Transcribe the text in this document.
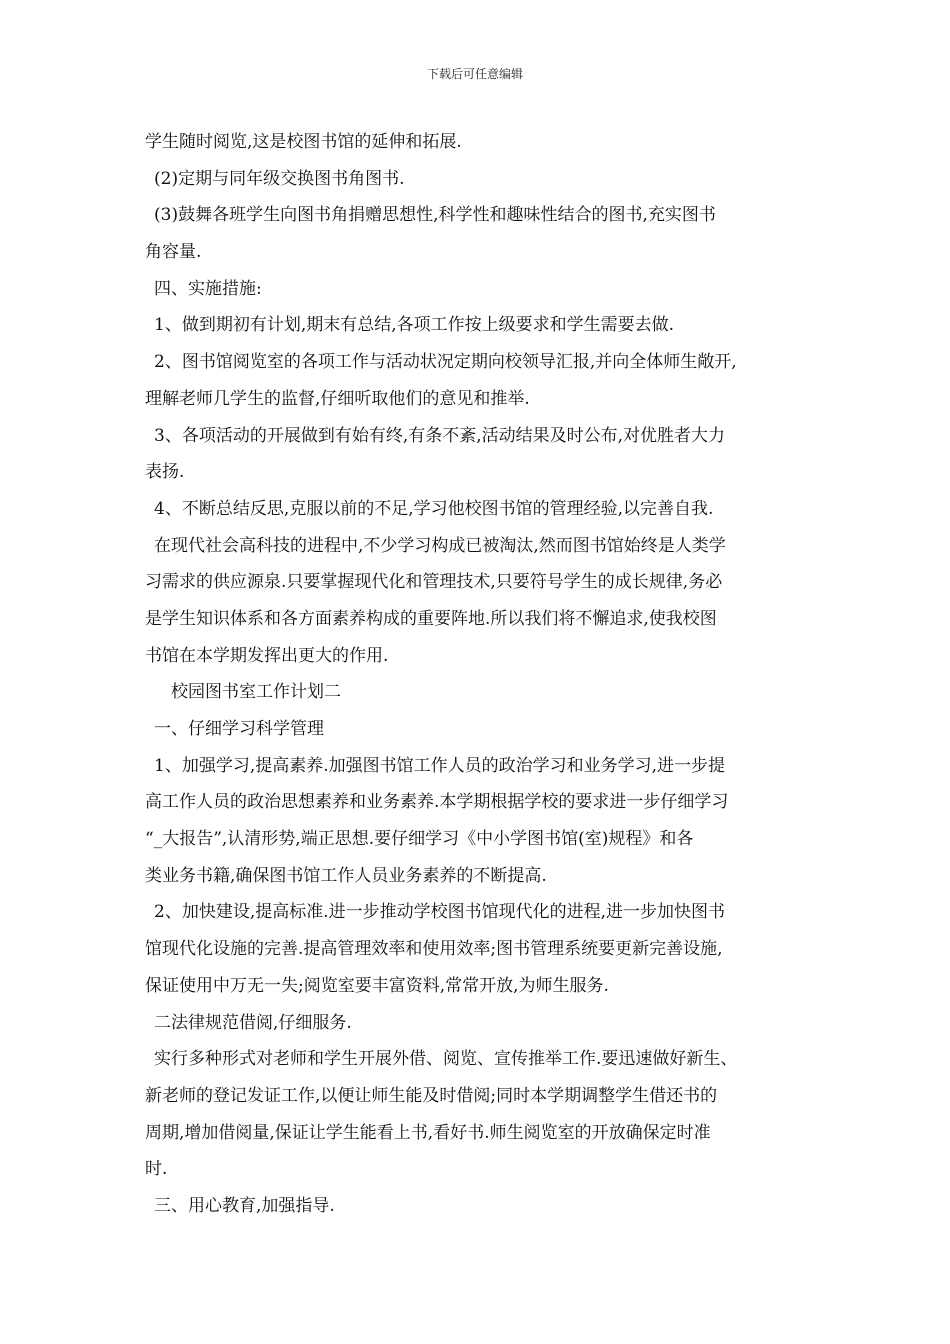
下载后可任意编辑
学生随时阅览,这是校图书馆的延伸和拓展.
(2)定期与同年级交换图书角图书.
(3)鼓舞各班学生向图书角捐赠思想性,科学性和趣味性结合的图书,充实图书
角容量.
四、实施措施:
1、做到期初有计划,期末有总结,各项工作按上级要求和学生需要去做.
2、图书馆阅览室的各项工作与活动状况定期向校领导汇报,并向全体师生敞开,
理解老师几学生的监督,仔细听取他们的意见和推举.
3、各项活动的开展做到有始有终,有条不紊,活动结果及时公布,对优胜者大力
表扬.
4、不断总结反思,克服以前的不足,学习他校图书馆的管理经验,以完善自我.
在现代社会高科技的进程中,不少学习构成已被淘汰,然而图书馆始终是人类学
习需求的供应源泉.只要掌握现代化和管理技术,只要符号学生的成长规律,务必
是学生知识体系和各方面素养构成的重要阵地.所以我们将不懈追求,使我校图
书馆在本学期发挥出更大的作用.
校园图书室工作计划二
一、仔细学习科学管理
1、加强学习,提高素养.加强图书馆工作人员的政治学习和业务学习,进一步提
高工作人员的政治思想素养和业务素养.本学期根据学校的要求进一步仔细学习
“_大报告”,认清形势,端正思想.要仔细学习《中小学图书馆(室)规程》和各
类业务书籍,确保图书馆工作人员业务素养的不断提高.
2、加快建设,提高标准.进一步推动学校图书馆现代化的进程,进一步加快图书
馆现代化设施的完善.提高管理效率和使用效率;图书管理系统要更新完善设施,
保证使用中万无一失;阅览室要丰富资料,常常开放,为师生服务.
二法律规范借阅,仔细服务.
实行多种形式对老师和学生开展外借、阅览、宣传推举工作.要迅速做好新生、
新老师的登记发证工作,以便让师生能及时借阅;同时本学期调整学生借还书的
周期,增加借阅量,保证让学生能看上书,看好书.师生阅览室的开放确保定时准
时.
三、用心教育,加强指导.
